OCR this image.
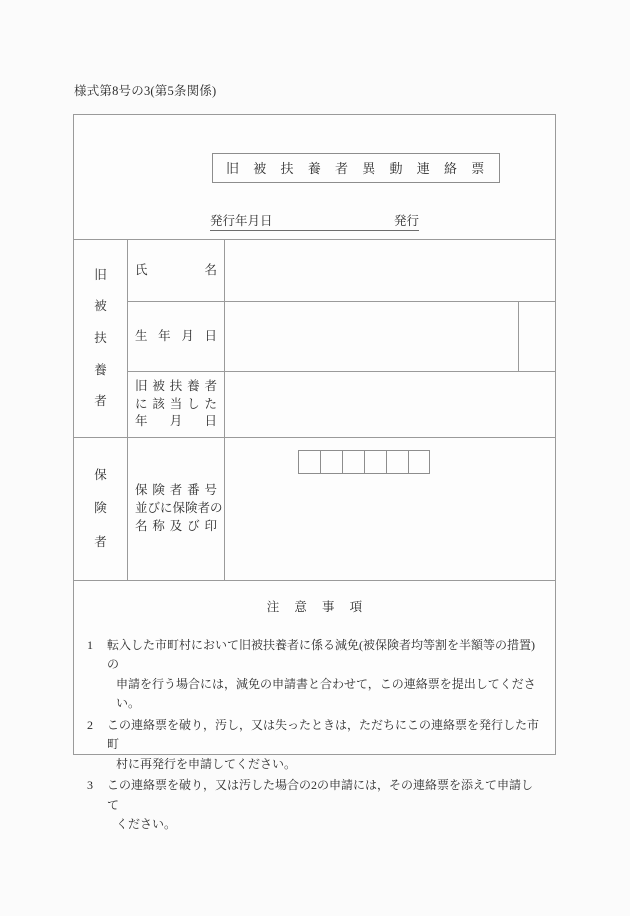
様式第8号の3(第5条関係)
旧 被 扶 養 者 異 動 連 絡 票
発行年月日	発行
旧
被
扶
養
者
氏	名
生 年 月 日
旧 被 扶 養 者
に 該 当 し た
年 月 日
保
険
者
保 険 者 番 号
並びに保険者の
名 称 及 び 印
注 意 事 項
1	転入した市町村において旧被扶養者に係る減免(被保険者均等割を半額等の措置)の
申請を行う場合には，減免の申請書と合わせて，この連絡票を提出してください。
2	この連絡票を破り，汚し，又は失ったときは，ただちにこの連絡票を発行した市町
村に再発行を申請してください。
3	この連絡票を破り，又は汚した場合の2の申請には，その連絡票を添えて申請して
ください。
